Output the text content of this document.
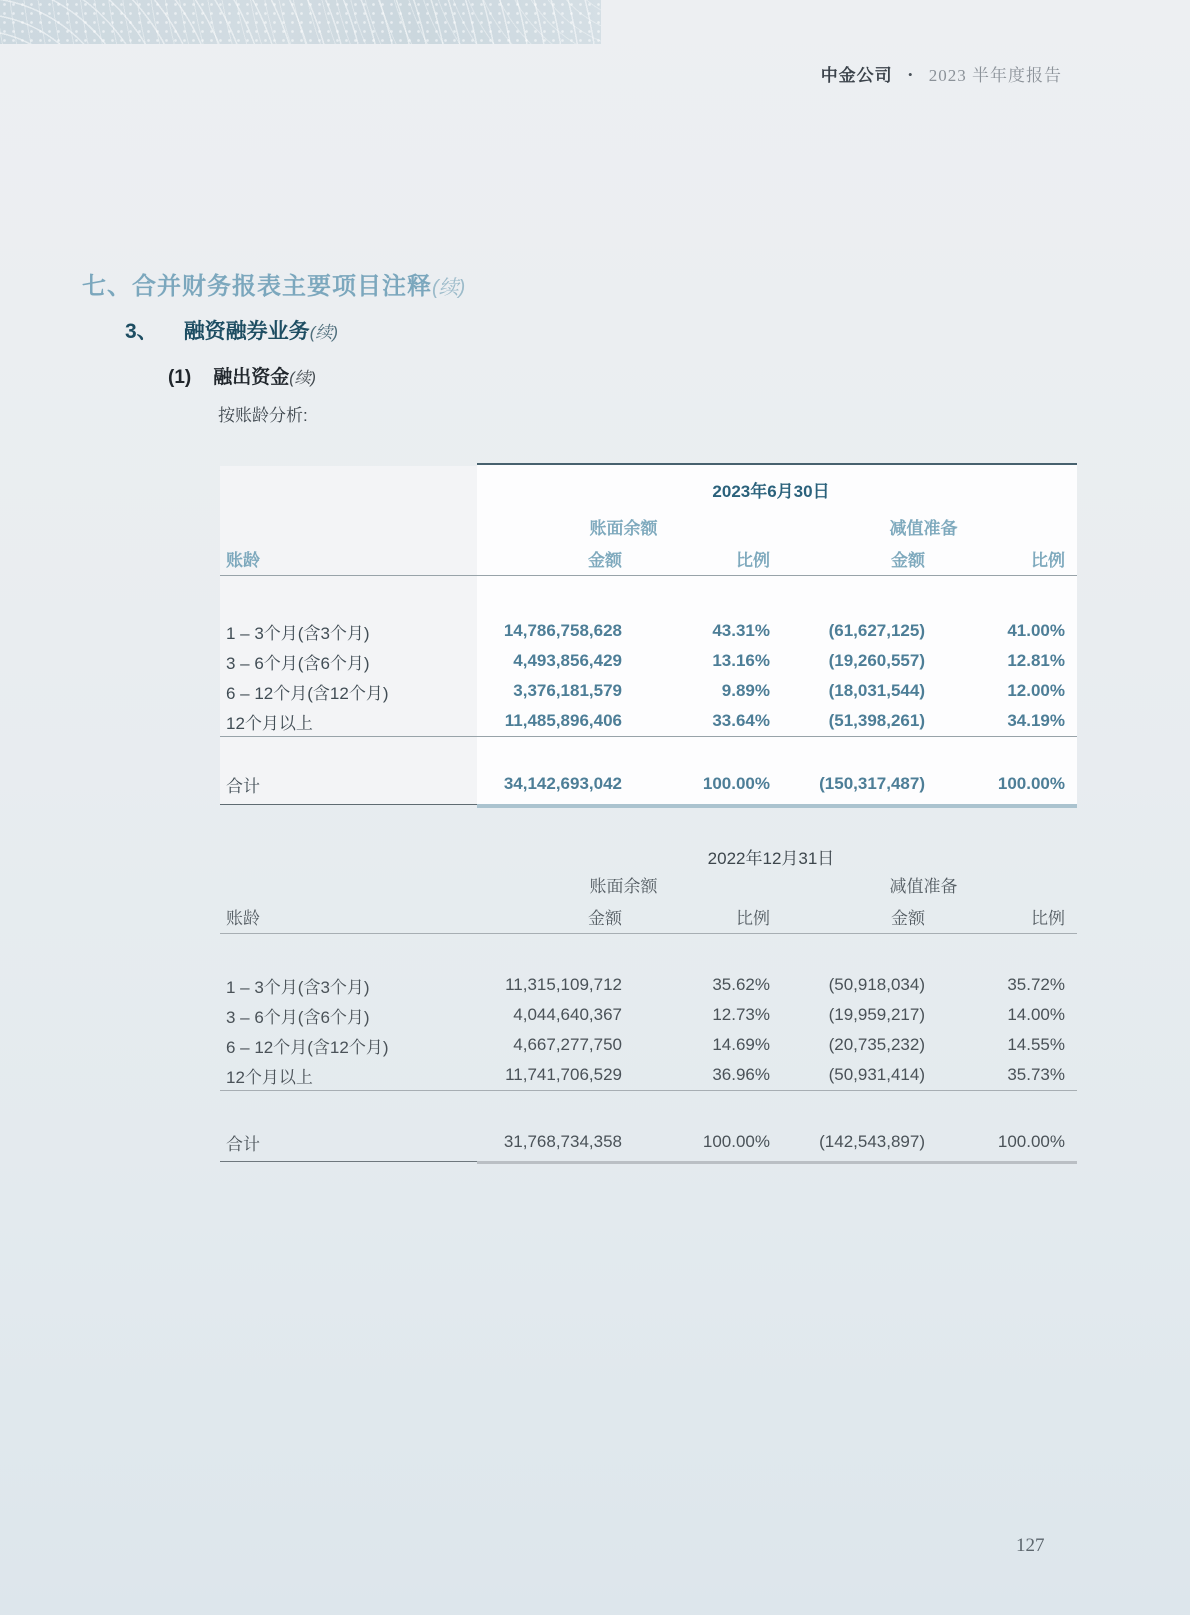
中金公司 • 2023 半年度报告
七、合并财务报表主要项目注释(续)
3、 融资融券业务(续)
(1) 融出资金(续)
按账龄分析:
2023年6月30日
账面余额	减值准备
账龄	金额	比例	金额	比例
1 – 3个月(含3个月)	14,786,758,628	43.31%	(61,627,125)	41.00%
3 – 6个月(含6个月)	4,493,856,429	13.16%	(19,260,557)	12.81%
6 – 12个月(含12个月)	3,376,181,579	9.89%	(18,031,544)	12.00%
12个月以上	11,485,896,406	33.64%	(51,398,261)	34.19%
合计	34,142,693,042	100.00%	(150,317,487)	100.00%
2022年12月31日
账面余额	减值准备
账龄	金额	比例	金额	比例
1 – 3个月(含3个月)	11,315,109,712	35.62%	(50,918,034)	35.72%
3 – 6个月(含6个月)	4,044,640,367	12.73%	(19,959,217)	14.00%
6 – 12个月(含12个月)	4,667,277,750	14.69%	(20,735,232)	14.55%
12个月以上	11,741,706,529	36.96%	(50,931,414)	35.73%
合计	31,768,734,358	100.00%	(142,543,897)	100.00%
127
